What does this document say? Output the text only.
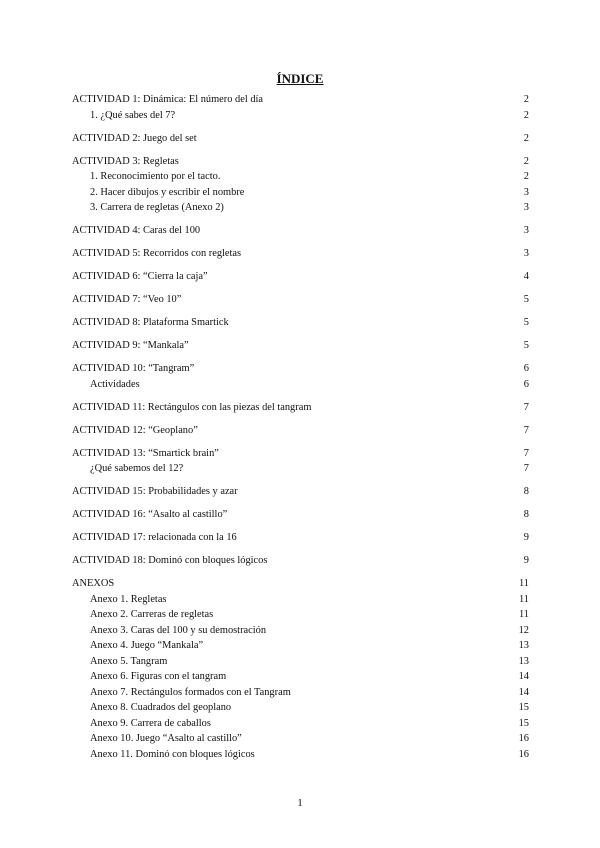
ÍNDICE
ACTIVIDAD 1: Dinámica: El número del día	2
1. ¿Qué sabes del 7?	2
ACTIVIDAD 2: Juego del set	2
ACTIVIDAD 3: Regletas	2
1. Reconocimiento por el tacto.	2
2. Hacer dibujos y escribir el nombre	3
3. Carrera de regletas (Anexo 2)	3
ACTIVIDAD 4: Caras del 100	3
ACTIVIDAD 5: Recorridos con regletas	3
ACTIVIDAD 6: “Cierra la caja”	4
ACTIVIDAD 7: “Veo 10”	5
ACTIVIDAD 8: Plataforma Smartick	5
ACTIVIDAD 9: “Mankala”	5
ACTIVIDAD 10: “Tangram”	6
Actividades	6
ACTIVIDAD 11: Rectángulos con las piezas del tangram	7
ACTIVIDAD 12: “Geoplano”	7
ACTIVIDAD 13: “Smartick brain”	7
¿Qué sabemos del 12?	7
ACTIVIDAD 15: Probabilidades y azar	8
ACTIVIDAD 16: “Asalto al castillo”	8
ACTIVIDAD 17: relacionada con la 16	9
ACTIVIDAD 18: Dominó con bloques lógicos	9
ANEXOS	11
Anexo 1. Regletas	11
Anexo 2. Carreras de regletas	11
Anexo 3. Caras del 100 y su demostración	12
Anexo 4. Juego “Mankala”	13
Anexo 5. Tangram	13
Anexo 6. Figuras con el tangram	14
Anexo 7. Rectángulos formados con el Tangram	14
Anexo 8. Cuadrados del geoplano	15
Anexo 9. Carrera de caballos	15
Anexo 10. Juego “Asalto al castillo”	16
Anexo 11. Dominó con bloques lógicos	16
1
